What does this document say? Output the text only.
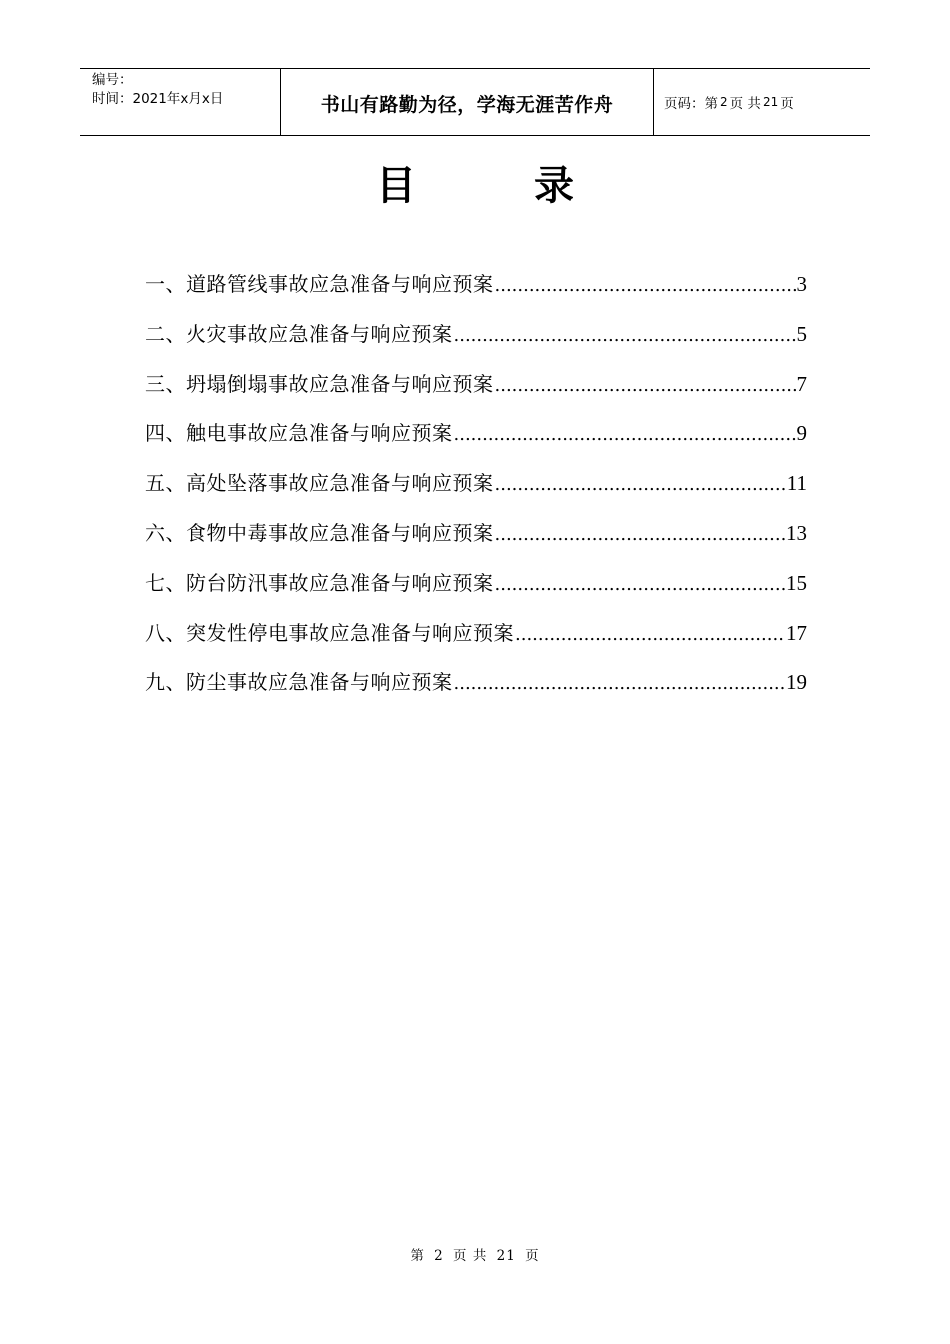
编号：
时间：2021年x月x日	书山有路勤为径，学海无涯苦作舟	页码：第 2 页 共 21 页
目	录
一、道路管线事故应急准备与响应预案 .....	3
二、火灾事故应急准备与响应预案 .....	5
三、坍塌倒塌事故应急准备与响应预案 .....	7
四、触电事故应急准备与响应预案 .....	9
五、高处坠落事故应急准备与响应预案 .....	11
六、食物中毒事故应急准备与响应预案 .....	13
七、防台防汛事故应急准备与响应预案 .....	15
八、突发性停电事故应急准备与响应预案 .....	17
九、防尘事故应急准备与响应预案 .....	19
第 2 页 共 21 页
